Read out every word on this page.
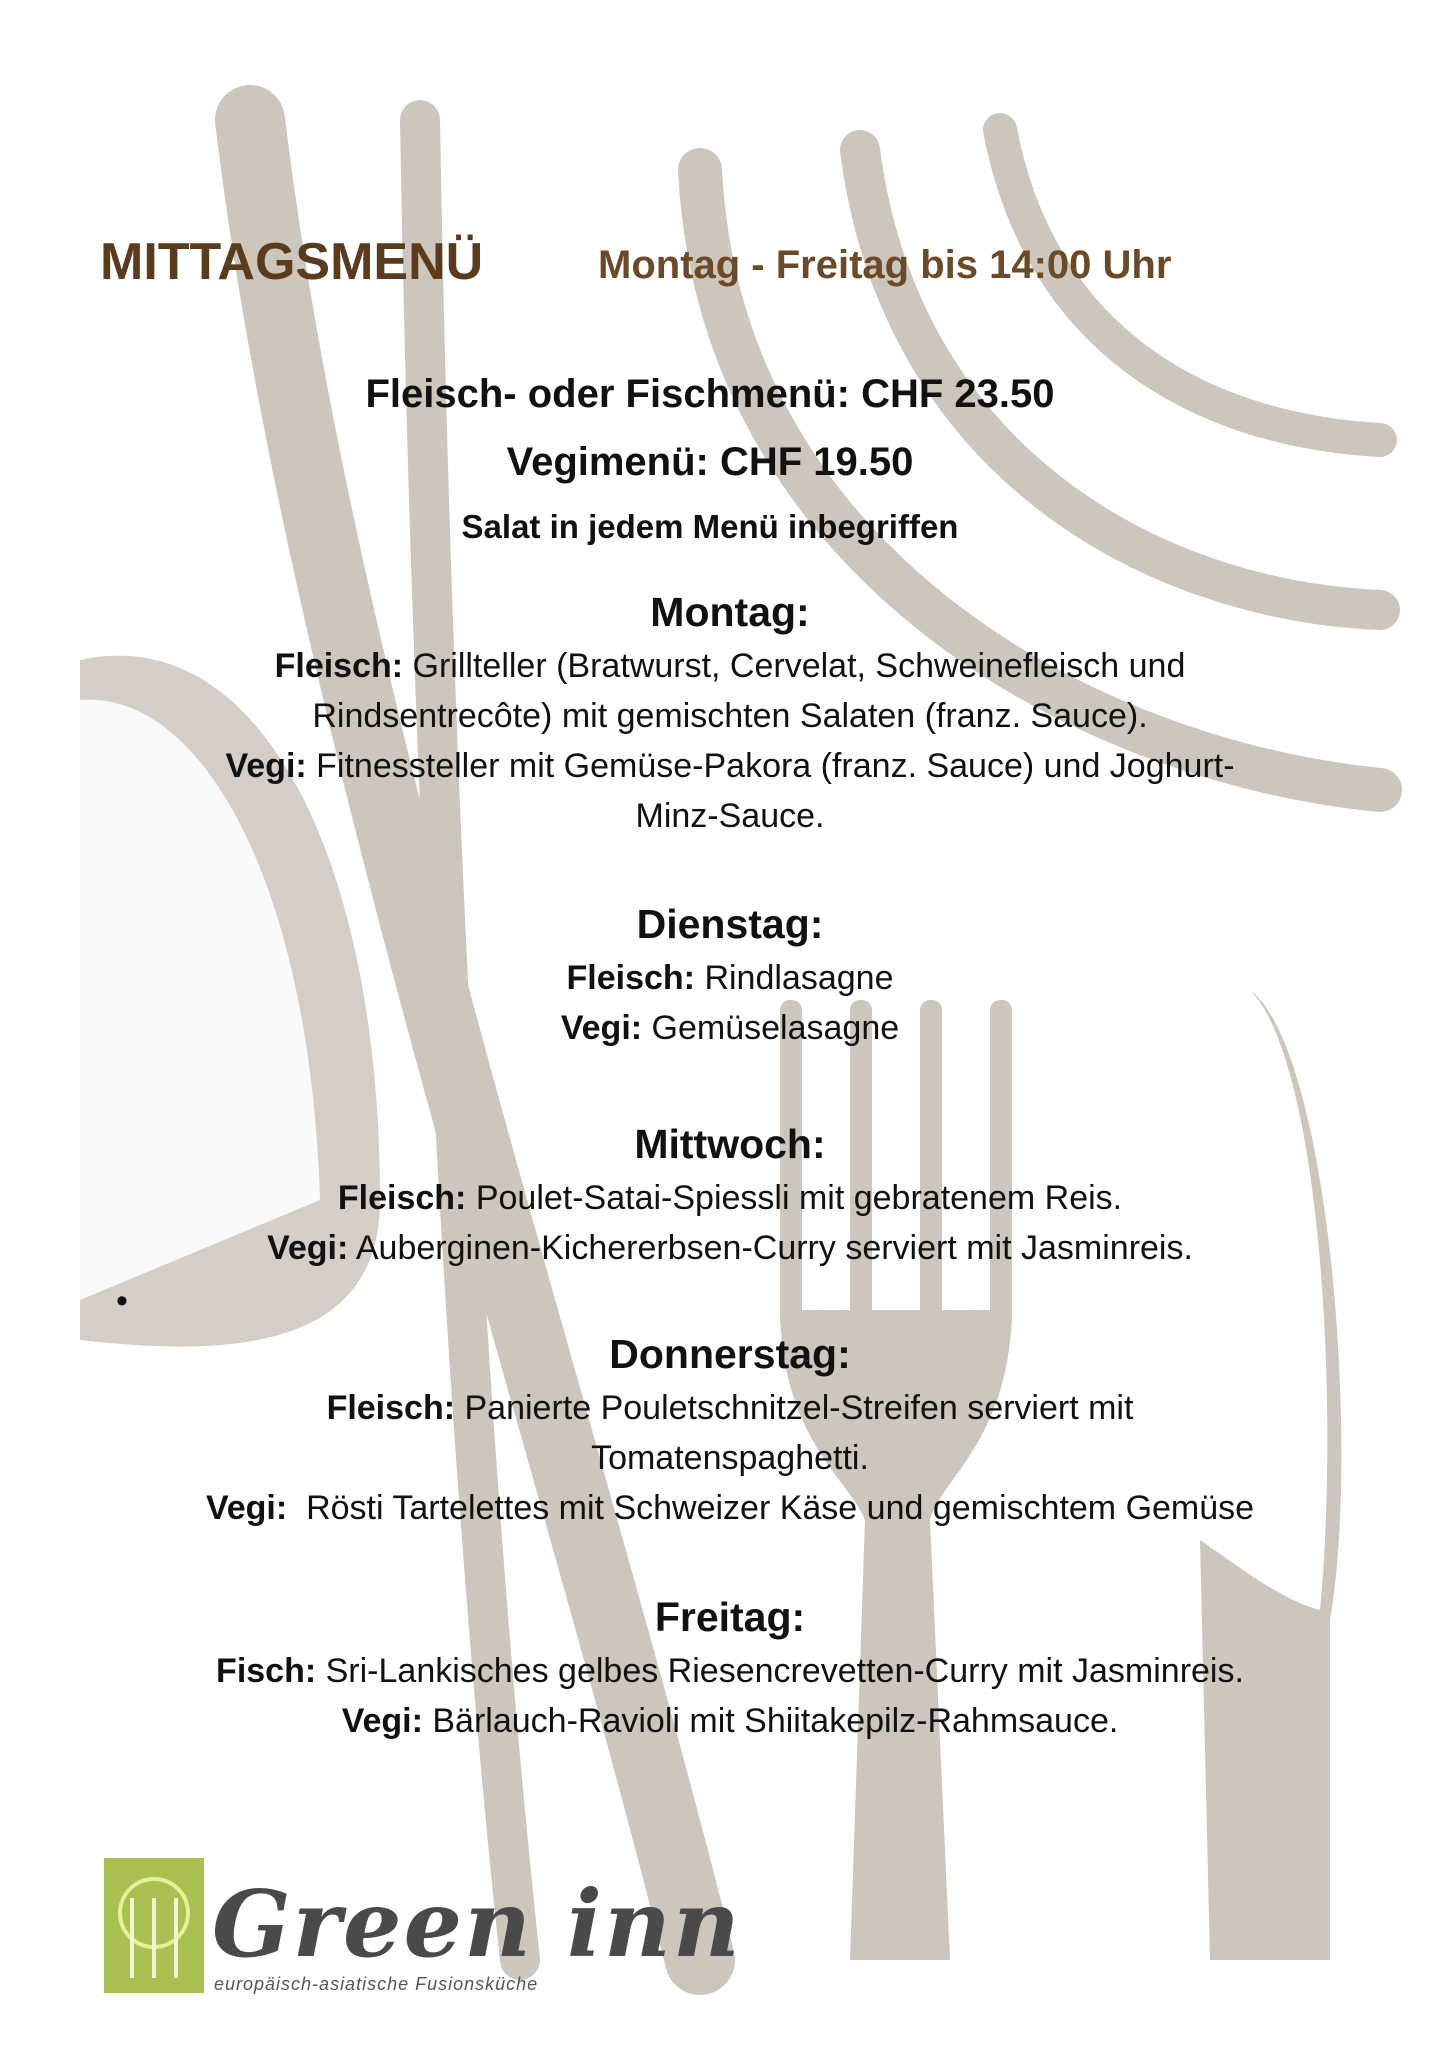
MITTAGSMENÜ	Montag - Freitag bis 14:00 Uhr
Fleisch- oder Fischmenü: CHF 23.50
Vegimenü: CHF 19.50
Salat in jedem Menü inbegriffen
Montag:

Fleisch: Grillteller (Bratwurst, Cervelat, Schweinefleisch und Rindsentrecôte) mit gemischten Salaten (franz. Sauce).

Vegi: Fitnessteller mit Gemüse-Pakora (franz. Sauce) und Joghurt-Minz-Sauce.

Dienstag:

Fleisch: Rindlasagne

Vegi: Gemüselasagne

Mittwoch:

Fleisch: Poulet-Satai-Spiessli mit gebratenem Reis.

Vegi: Auberginen-Kichererbsen-Curry serviert mit Jasminreis.

•
Donnerstag:

Fleisch: Panierte Pouletschnitzel-Streifen serviert mit Tomatenspaghetti.

Vegi:  Rösti Tartelettes mit Schweizer Käse und gemischtem Gemüse

Freitag:

Fisch: Sri-Lankisches gelbes Riesencrevetten-Curry mit Jasminreis.

Vegi: Bärlauch-Ravioli mit Shiitakepilz-Rahmsauce.

Green inn
europäisch-asiatische Fusionsküche
